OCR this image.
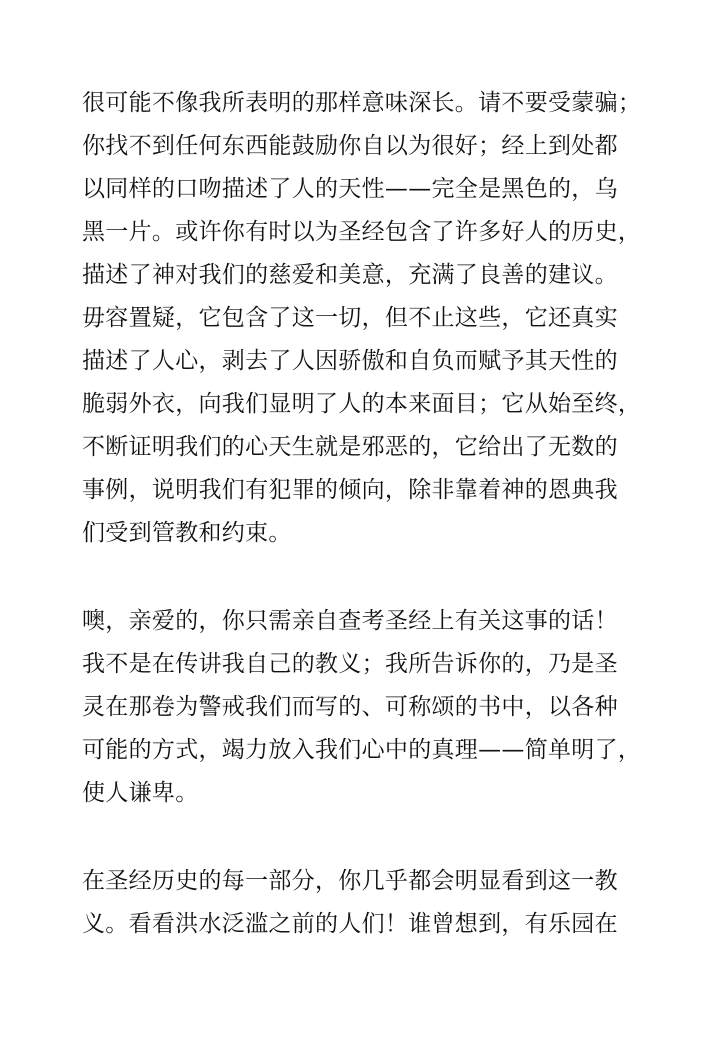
很可能不像我所表明的那样意味深长。请不要受蒙骗；
你找不到任何东西能鼓励你自以为很好；经上到处都
以同样的口吻描述了人的天性——完全是黑色的，乌
黑一片。或许你有时以为圣经包含了许多好人的历史，
描述了神对我们的慈爱和美意，充满了良善的建议。
毋容置疑，它包含了这一切，但不止这些，它还真实
描述了人心，剥去了人因骄傲和自负而赋予其天性的
脆弱外衣，向我们显明了人的本来面目；它从始至终，
不断证明我们的心天生就是邪恶的，它给出了无数的
事例，说明我们有犯罪的倾向，除非靠着神的恩典我
们受到管教和约束。
噢，亲爱的，你只需亲自查考圣经上有关这事的话！
我不是在传讲我自己的教义；我所告诉你的，乃是圣
灵在那卷为警戒我们而写的、可称颂的书中，以各种
可能的方式，竭力放入我们心中的真理——简单明了，
使人谦卑。
在圣经历史的每一部分，你几乎都会明显看到这一教
义。看看洪水泛滥之前的人们！谁曾想到，有乐园在
